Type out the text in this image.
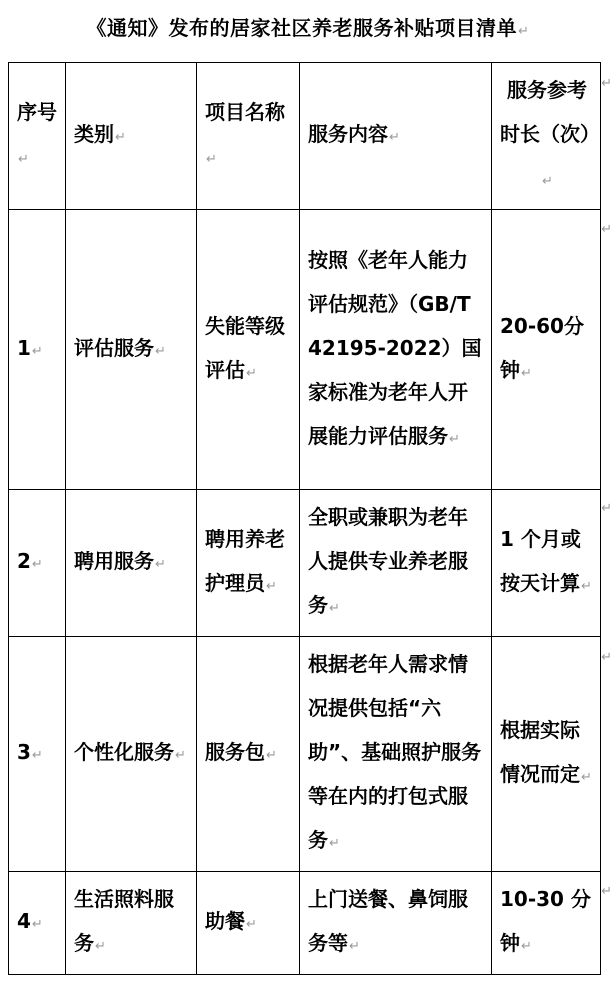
《通知》发布的居家社区养老服务补贴项目清单↵
序号↵	类别↵	项目名称↵	服务内容↵	服务参考时长（次）↵
1↵	评估服务↵	失能等级评估↵	按照《老年人能力评估规范》（GB/T 42195-2022）国家标准为老年人开展能力评估服务↵	20-60分钟↵
2↵	聘用服务↵	聘用养老护理员↵	全职或兼职为老年人提供专业养老服务↵	1 个月或按天计算↵
3↵	个性化服务↵	服务包↵	根据老年人需求情况提供包括“六助”、基础照护服务等在内的打包式服务↵	根据实际情况而定↵
4↵	生活照料服务↵	助餐↵	上门送餐、鼻饲服务等↵	10-30 分钟↵
↵
↵
↵
↵
↵
